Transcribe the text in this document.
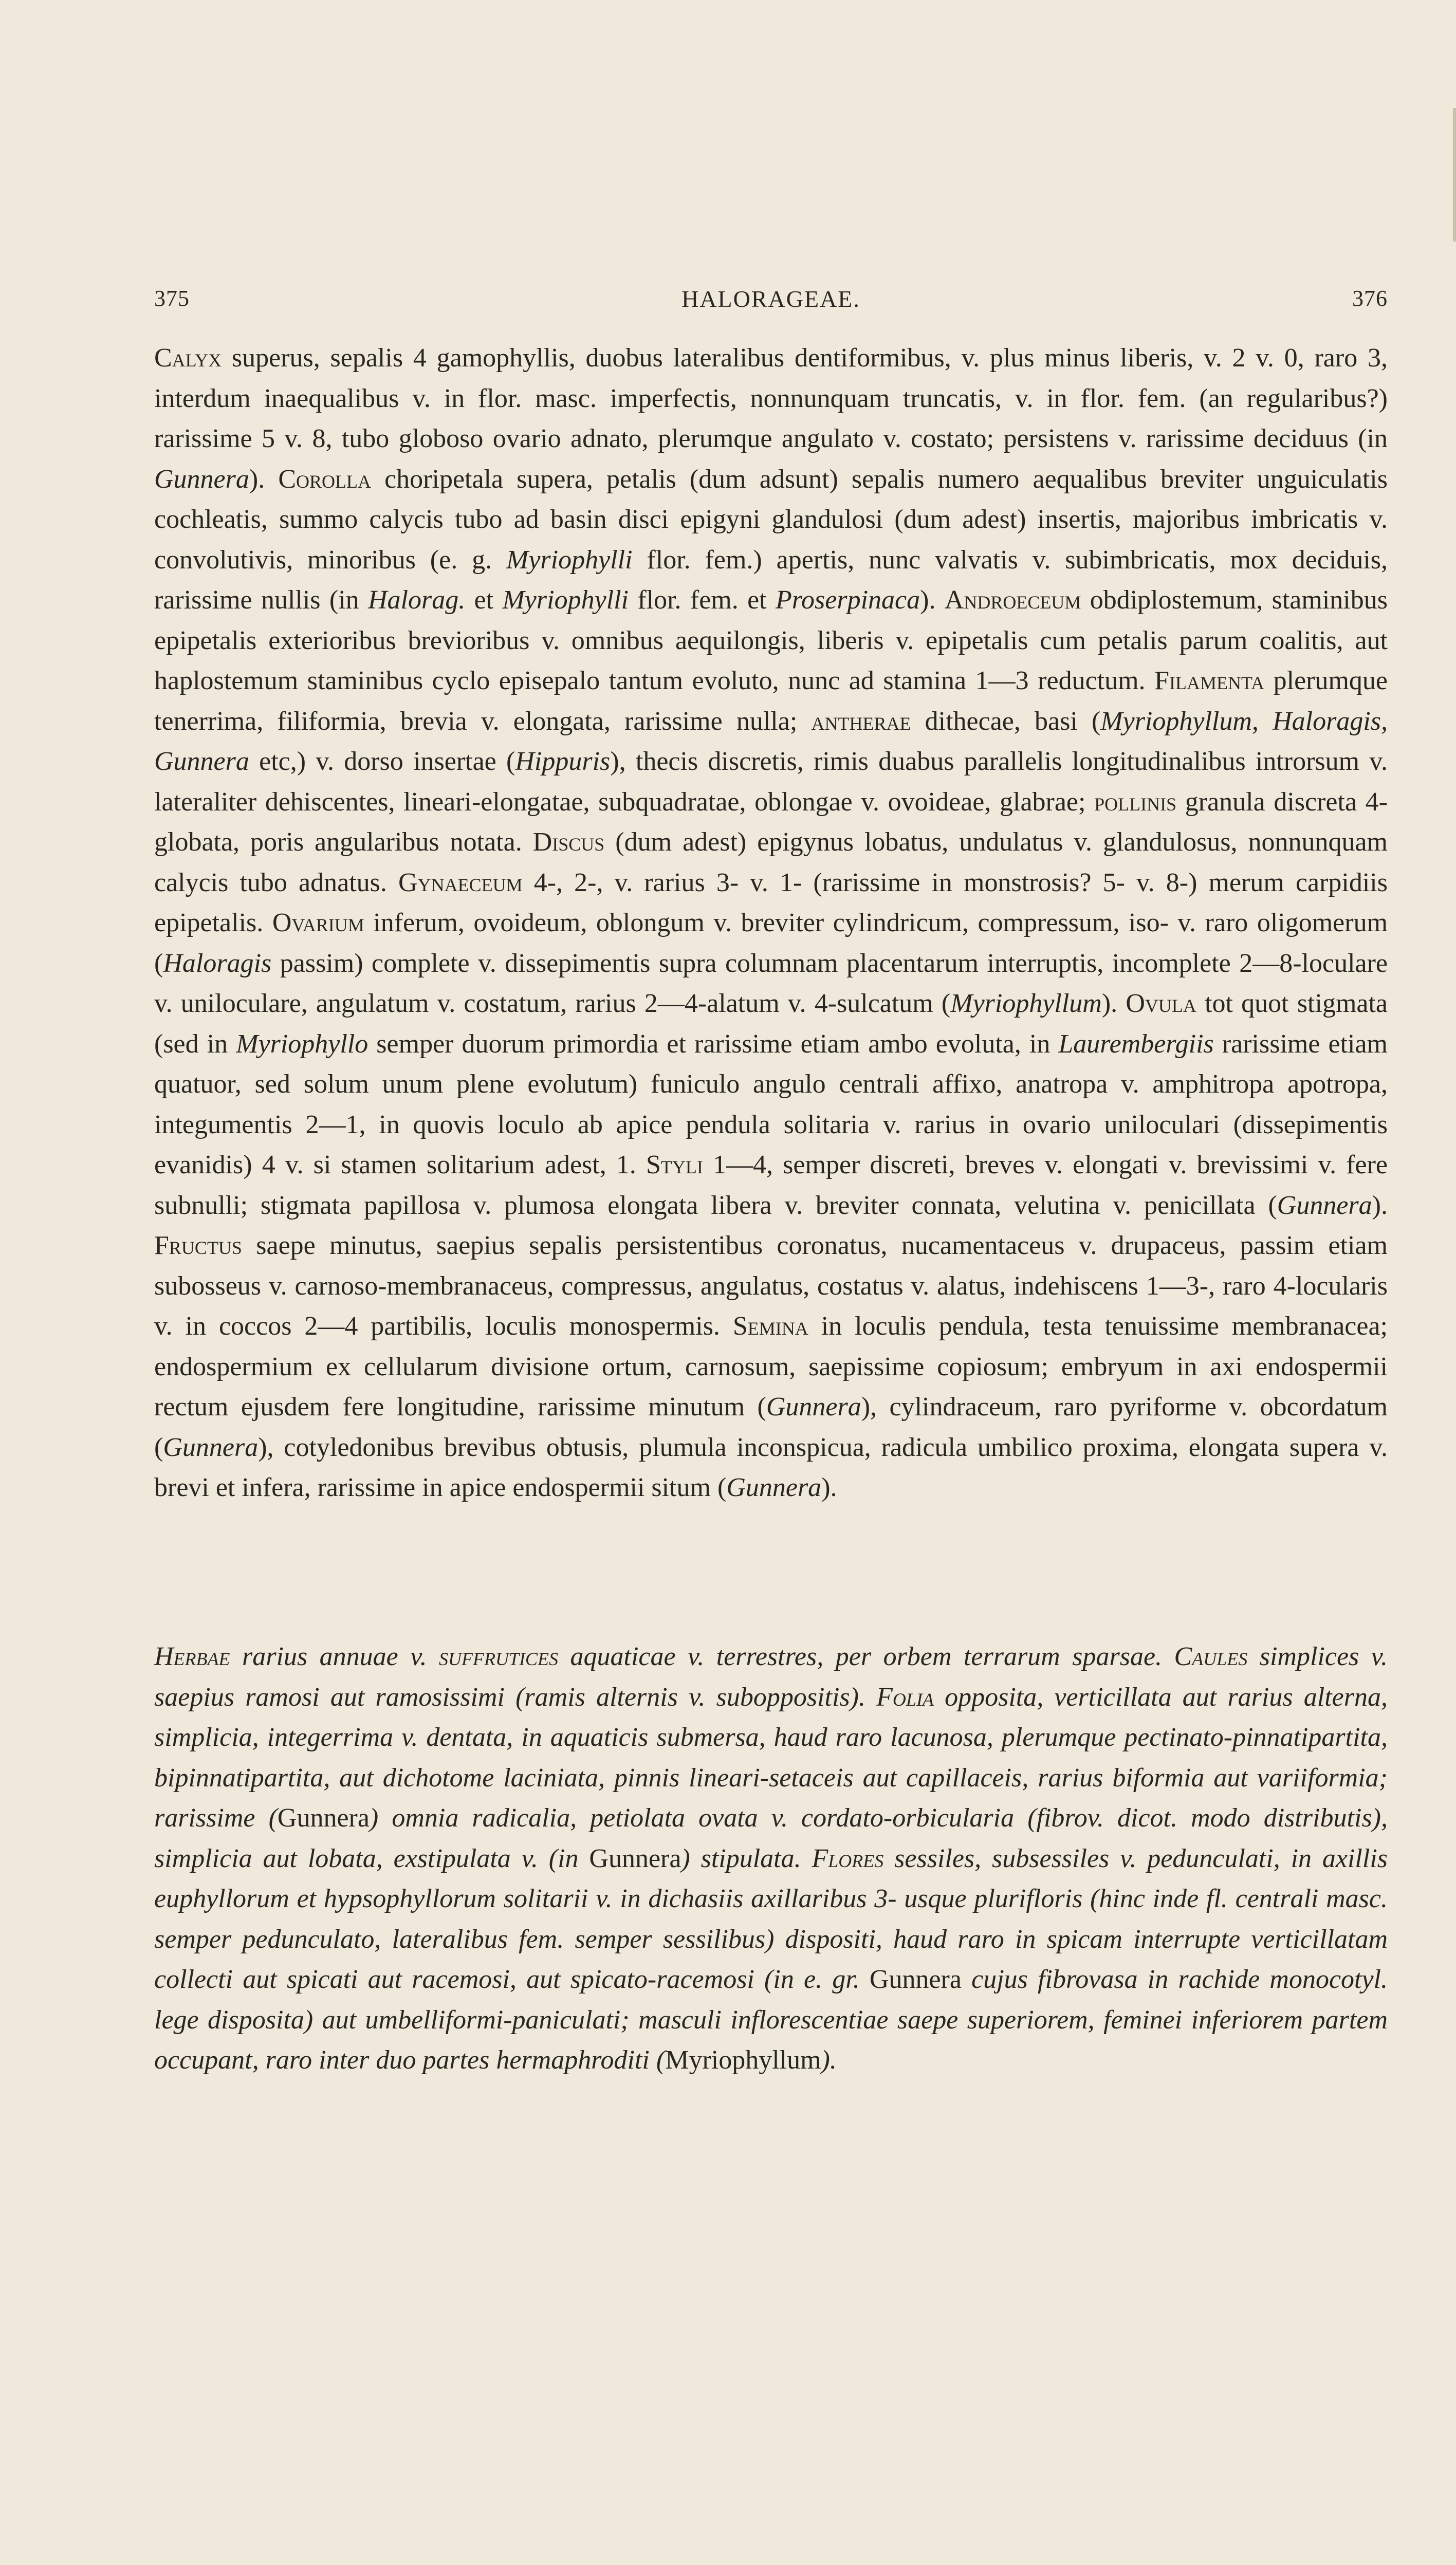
375	HALORAGEAE.	376
Calyx superus, sepalis 4 gamophyllis, duobus lateralibus dentiformibus, v. plus minus liberis, v. 2 v. 0, raro 3, interdum inaequalibus v. in flor. masc. imperfectis, nonnunquam truncatis, v. in flor. fem. (an regularibus?) rarissime 5 v. 8, tubo globoso ovario adnato, plerumque angulato v. costato; persistens v. rarissime deciduus (in Gunnera). Corolla choripetala supera, petalis (dum adsunt) sepalis numero aequalibus breviter unguiculatis cochleatis, summo calycis tubo ad basin disci epigyni glandulosi (dum adest) insertis, majoribus imbricatis v. convolutivis, minoribus (e. g. Myriophylli flor. fem.) apertis, nunc valvatis v. subimbricatis, mox deciduis, rarissime nullis (in Halorag. et Myriophylli flor. fem. et Proserpinaca). Androeceum obdiplostemum, staminibus epipetalis exterioribus brevioribus v. omnibus aequilongis, liberis v. epipetalis cum petalis parum coalitis, aut haplostemum staminibus cyclo episepalo tantum evoluto, nunc ad stamina 1—3 reductum. Filamenta plerumque tenerrima, filiformia, brevia v. elongata, rarissime nulla; antherae dithecae, basi (Myriophyllum, Haloragis, Gunnera etc,) v. dorso insertae (Hippuris), thecis discretis, rimis duabus parallelis longitudinalibus introrsum v. lateraliter dehiscentes, lineari-elongatae, subquadratae, oblongae v. ovoideae, glabrae; pollinis granula discreta 4-globata, poris angularibus notata. Discus (dum adest) epigynus lobatus, undulatus v. glandulosus, nonnunquam calycis tubo adnatus. Gynaeceum 4-, 2-, v. rarius 3- v. 1- (rarissime in monstrosis? 5- v. 8-) merum carpidiis epipetalis. Ovarium inferum, ovoideum, oblongum v. breviter cylindricum, compressum, iso- v. raro oligomerum (Haloragis passim) complete v. dissepimentis supra columnam placentarum interruptis, incomplete 2—8-loculare v. uniloculare, angulatum v. costatum, rarius 2—4-alatum v. 4-sulcatum (Myriophyllum). Ovula tot quot stigmata (sed in Myriophyllo semper duorum primordia et rarissime etiam ambo evoluta, in Laurembergiis rarissime etiam quatuor, sed solum unum plene evolutum) funiculo angulo centrali affixo, anatropa v. amphitropa apotropa, integumentis 2—1, in quovis loculo ab apice pendula solitaria v. rarius in ovario uniloculari (dissepimentis evanidis) 4 v. si stamen solitarium adest, 1. Styli 1—4, semper discreti, breves v. elongati v. brevissimi v. fere subnulli; stigmata papillosa v. plumosa elongata libera v. breviter connata, velutina v. penicillata (Gunnera). Fructus saepe minutus, saepius sepalis persistentibus coronatus, nucamentaceus v. drupaceus, passim etiam subosseus v. carnoso-membranaceus, compressus, angulatus, costatus v. alatus, indehiscens 1—3-, raro 4-locularis v. in coccos 2—4 partibilis, loculis monospermis. Semina in loculis pendula, testa tenuissime membranacea; endospermium ex cellularum divisione ortum, carnosum, saepissime copiosum; embryum in axi endospermii rectum ejusdem fere longitudine, rarissime minutum (Gunnera), cylindraceum, raro pyriforme v. obcordatum (Gunnera), cotyledonibus brevibus obtusis, plumula inconspicua, radicula umbilico proxima, elongata supera v. brevi et infera, rarissime in apice endospermii situm (Gunnera).
Herbae rarius annuae v. suffrutices aquaticae v. terrestres, per orbem terrarum sparsae. Caules simplices v. saepius ramosi aut ramosissimi (ramis alternis v. suboppositis). Folia opposita, verticillata aut rarius alterna, simplicia, integerrima v. dentata, in aquaticis submersa, haud raro lacunosa, plerumque pectinato-pinnatipartita, bipinnatipartita, aut dichotome laciniata, pinnis lineari-setaceis aut capillaceis, rarius biformia aut variiformia; rarissime (Gunnera) omnia radicalia, petiolata ovata v. cordato-orbicularia (fibrov. dicot. modo distributis), simplicia aut lobata, exstipulata v. (in Gunnera) stipulata. Flores sessiles, subsessiles v. pedunculati, in axillis euphyllorum et hypsophyllorum solitarii v. in dichasiis axillaribus 3- usque plurifloris (hinc inde fl. centrali masc. semper pedunculato, lateralibus fem. semper sessilibus) dispositi, haud raro in spicam interrupte verticillatam collecti aut spicati aut racemosi, aut spicato-racemosi (in e. gr. Gunnera cujus fibrovasa in rachide monocotyl. lege disposita) aut umbelliformi-paniculati; masculi inflorescentiae saepe superiorem, feminei inferiorem partem occupant, raro inter duo partes hermaphroditi (Myriophyllum).
